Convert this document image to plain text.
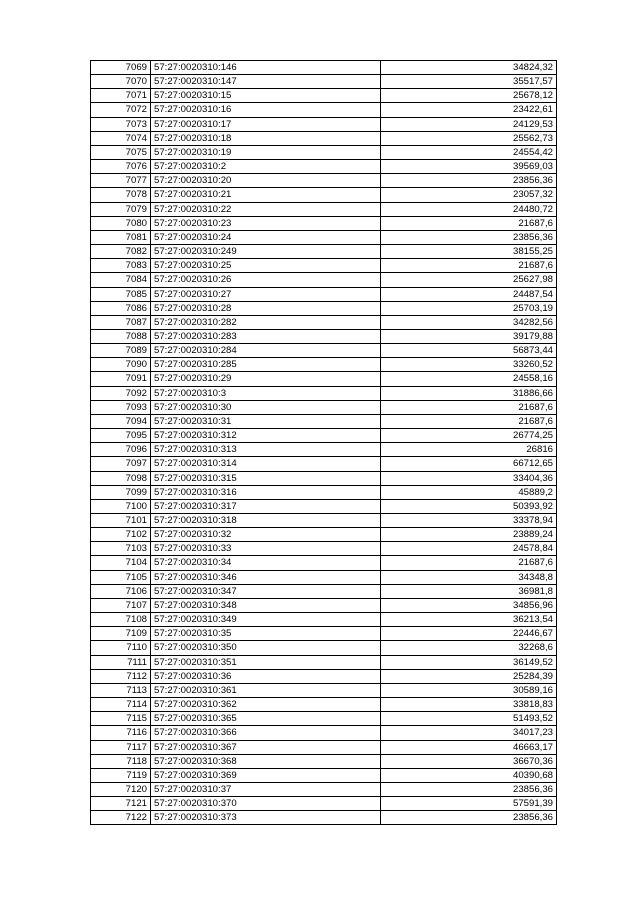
7069	57:27:0020310:146	34824,32
7070	57:27:0020310:147	35517,57
7071	57:27:0020310:15	25678,12
7072	57:27:0020310:16	23422,61
7073	57:27:0020310:17	24129,53
7074	57:27:0020310:18	25562,73
7075	57:27:0020310:19	24554,42
7076	57:27:0020310:2	39569,03
7077	57:27:0020310:20	23856,36
7078	57:27:0020310:21	23057,32
7079	57:27:0020310:22	24480,72
7080	57:27:0020310:23	21687,6
7081	57:27:0020310:24	23856,36
7082	57:27:0020310:249	38155,25
7083	57:27:0020310:25	21687,6
7084	57:27:0020310:26	25627,98
7085	57:27:0020310:27	24487,54
7086	57:27:0020310:28	25703,19
7087	57:27:0020310:282	34282,56
7088	57:27:0020310:283	39179,88
7089	57:27:0020310:284	56873,44
7090	57:27:0020310:285	33260,52
7091	57:27:0020310:29	24558,16
7092	57:27:0020310:3	31886,66
7093	57:27:0020310:30	21687,6
7094	57:27:0020310:31	21687,6
7095	57:27:0020310:312	26774,25
7096	57:27:0020310:313	26816
7097	57:27:0020310:314	66712,65
7098	57:27:0020310:315	33404,36
7099	57:27:0020310:316	45889,2
7100	57:27:0020310:317	50393,92
7101	57:27:0020310:318	33378,94
7102	57:27:0020310:32	23889,24
7103	57:27:0020310:33	24578,84
7104	57:27:0020310:34	21687,6
7105	57:27:0020310:346	34348,8
7106	57:27:0020310:347	36981,8
7107	57:27:0020310:348	34856,96
7108	57:27:0020310:349	36213,54
7109	57:27:0020310:35	22446,67
7110	57:27:0020310:350	32268,6
7111	57:27:0020310:351	36149,52
7112	57:27:0020310:36	25284,39
7113	57:27:0020310:361	30589,16
7114	57:27:0020310:362	33818,83
7115	57:27:0020310:365	51493,52
7116	57:27:0020310:366	34017,23
7117	57:27:0020310:367	46663,17
7118	57:27:0020310:368	36670,36
7119	57:27:0020310:369	40390,68
7120	57:27:0020310:37	23856,36
7121	57:27:0020310:370	57591,39
7122	57:27:0020310:373	23856,36
